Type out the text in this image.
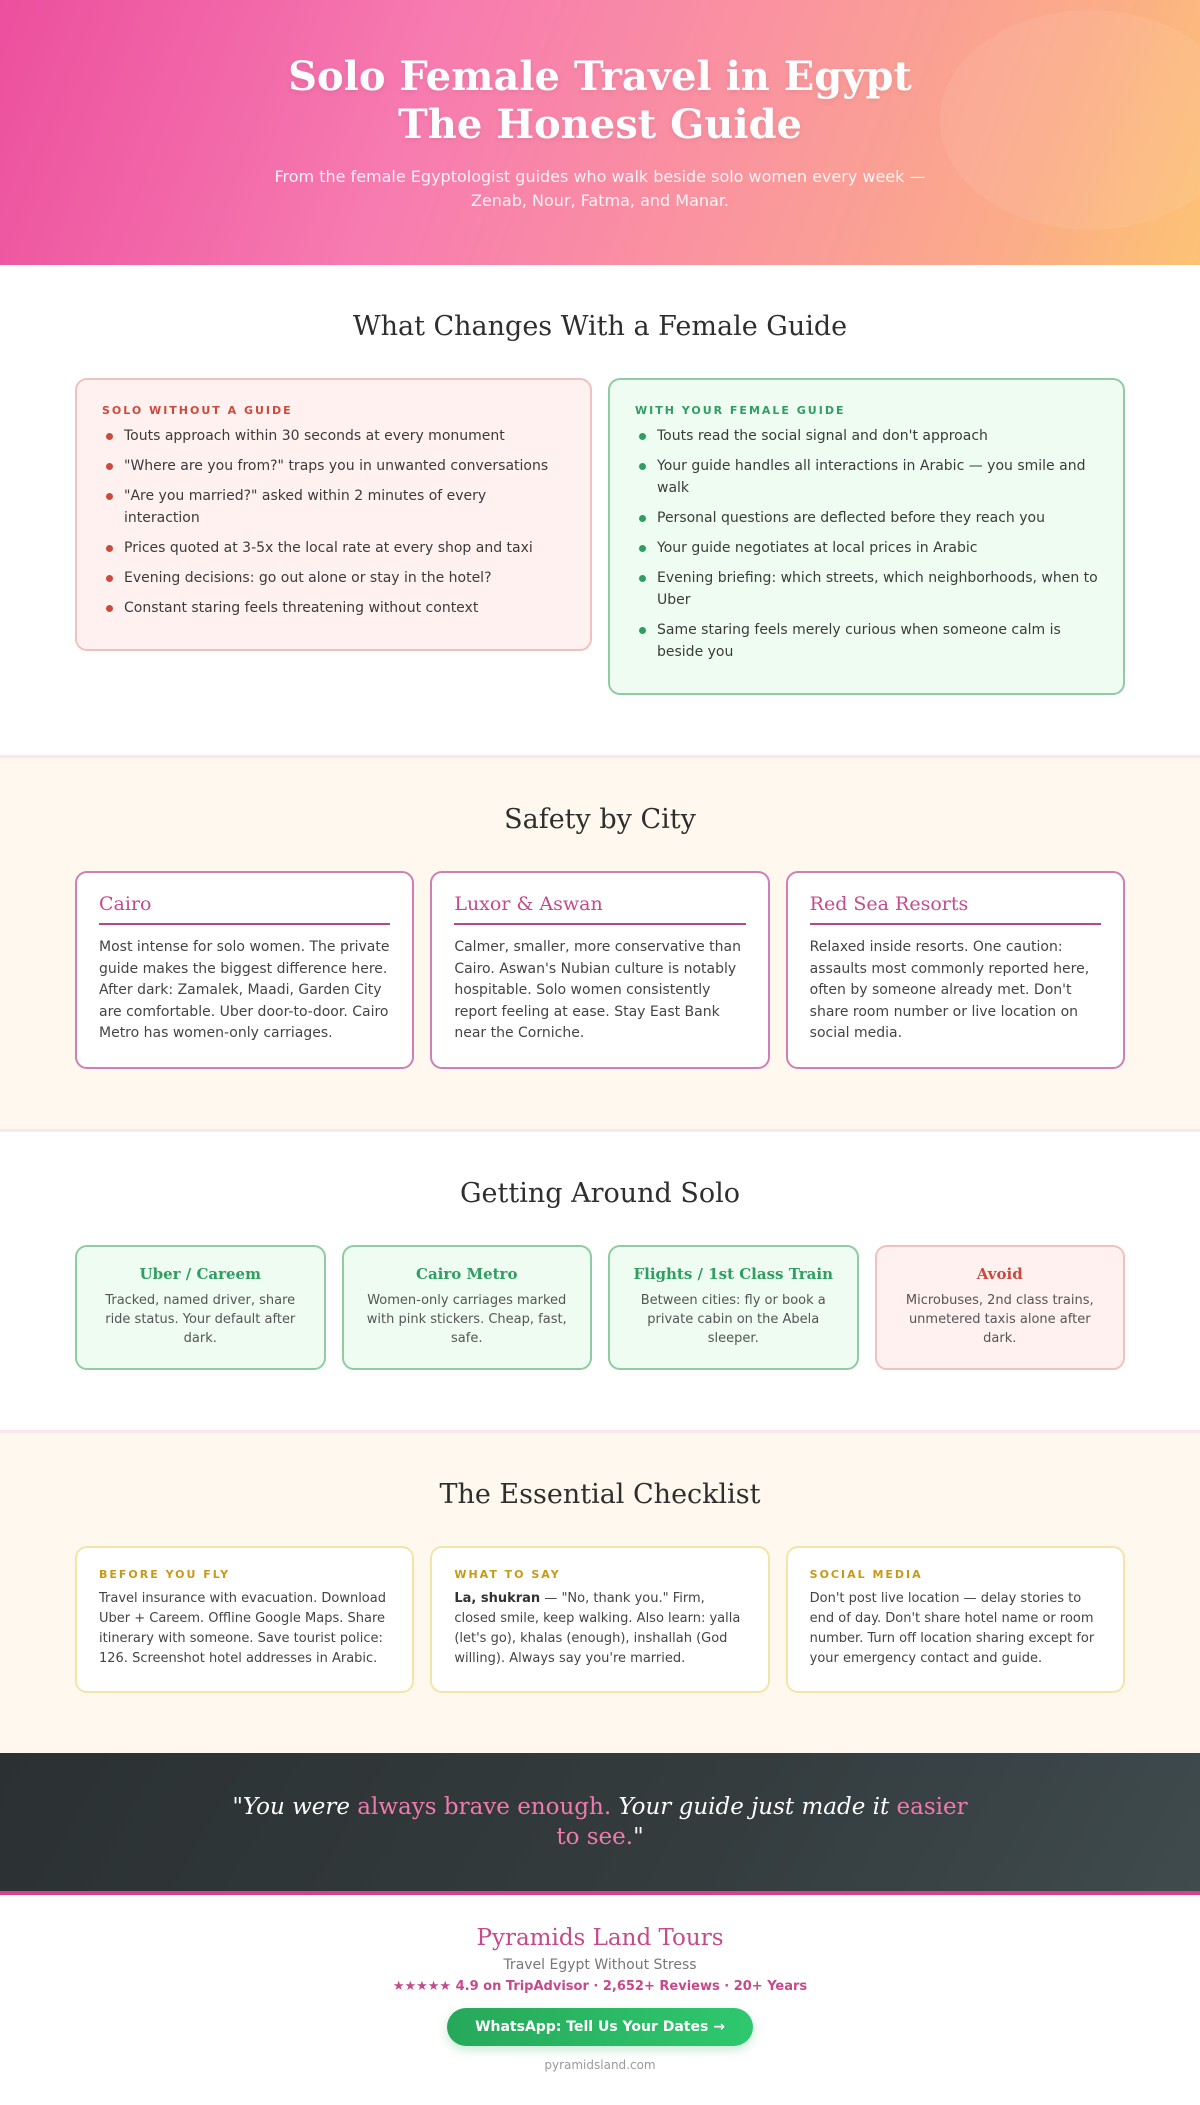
Solo Female Travel in Egypt
The Honest Guide

From the female Egyptologist guides who walk beside solo women every week — Zenab, Nour, Fatma, and Manar.

What Changes With a Female Guide
SOLO WITHOUT A GUIDE
Touts approach within 30 seconds at every monument
"Where are you from?" traps you in unwanted conversations
"Are you married?" asked within 2 minutes of every interaction
Prices quoted at 3-5x the local rate at every shop and taxi
Evening decisions: go out alone or stay in the hotel?
Constant staring feels threatening without context
WITH YOUR FEMALE GUIDE
Touts read the social signal and don't approach
Your guide handles all interactions in Arabic — you smile and walk
Personal questions are deflected before they reach you
Your guide negotiates at local prices in Arabic
Evening briefing: which streets, which neighborhoods, when to Uber
Same staring feels merely curious when someone calm is beside you
Safety by City
Cairo

Most intense for solo women. The private guide makes the biggest difference here. After dark: Zamalek, Maadi, Garden City are comfortable. Uber door-to-door. Cairo Metro has women-only carriages.

Luxor & Aswan

Calmer, smaller, more conservative than Cairo. Aswan's Nubian culture is notably hospitable. Solo women consistently report feeling at ease. Stay East Bank near the Corniche.

Red Sea Resorts

Relaxed inside resorts. One caution: assaults most commonly reported here, often by someone already met. Don't share room number or live location on social media.

Getting Around Solo
Uber / Careem

Tracked, named driver, share ride status. Your default after dark.

Cairo Metro

Women-only carriages marked with pink stickers. Cheap, fast, safe.

Flights / 1st Class Train

Between cities: fly or book a private cabin on the Abela sleeper.

Avoid

Microbuses, 2nd class trains, unmetered taxis alone after dark.

The Essential Checklist
BEFORE YOU FLY

Travel insurance with evacuation. Download Uber + Careem. Offline Google Maps. Share itinerary with someone. Save tourist police: 126. Screenshot hotel addresses in Arabic.

WHAT TO SAY

La, shukran — "No, thank you." Firm, closed smile, keep walking. Also learn: yalla (let's go), khalas (enough), inshallah (God willing). Always say you're married.

SOCIAL MEDIA

Don't post live location — delay stories to end of day. Don't share hotel name or room number. Turn off location sharing except for your emergency contact and guide.

"You were always brave enough. Your guide just made it easier to see."

Pyramids Land Tours
Travel Egypt Without Stress
★★★★★ 4.9 on TripAdvisor · 2,652+ Reviews · 20+ Years
WhatsApp: Tell Us Your Dates →
pyramidsland.com
